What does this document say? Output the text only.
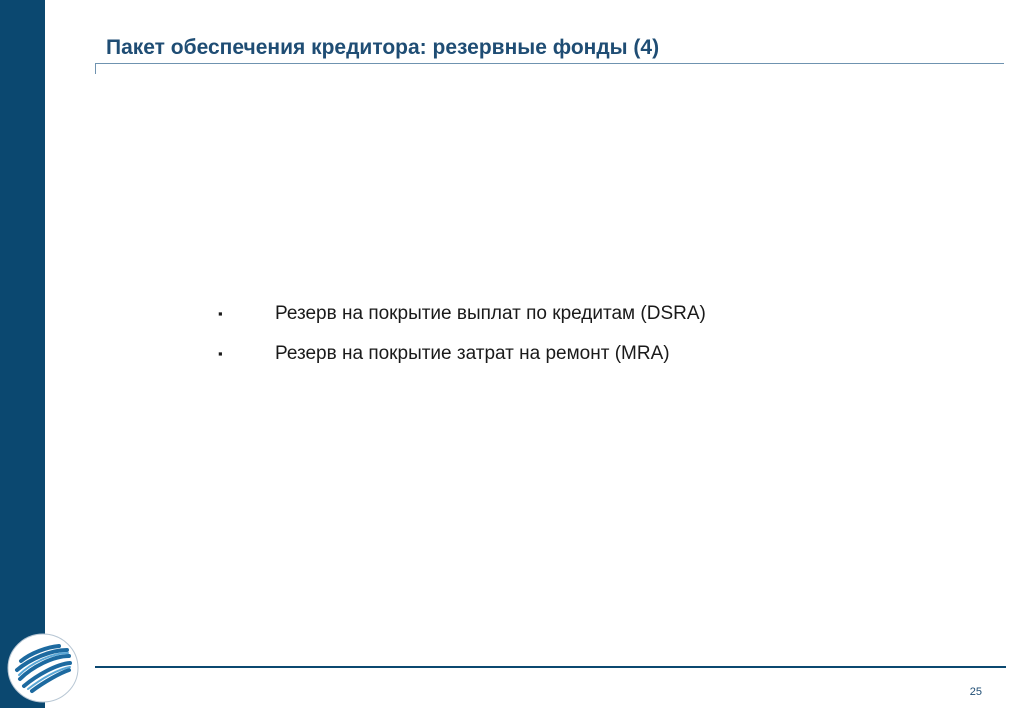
Пакет обеспечения кредитора: резервные фонды (4)
▪	Резерв на покрытие выплат по кредитам (DSRA)
▪	Резерв на покрытие затрат на ремонт (MRA)
25
